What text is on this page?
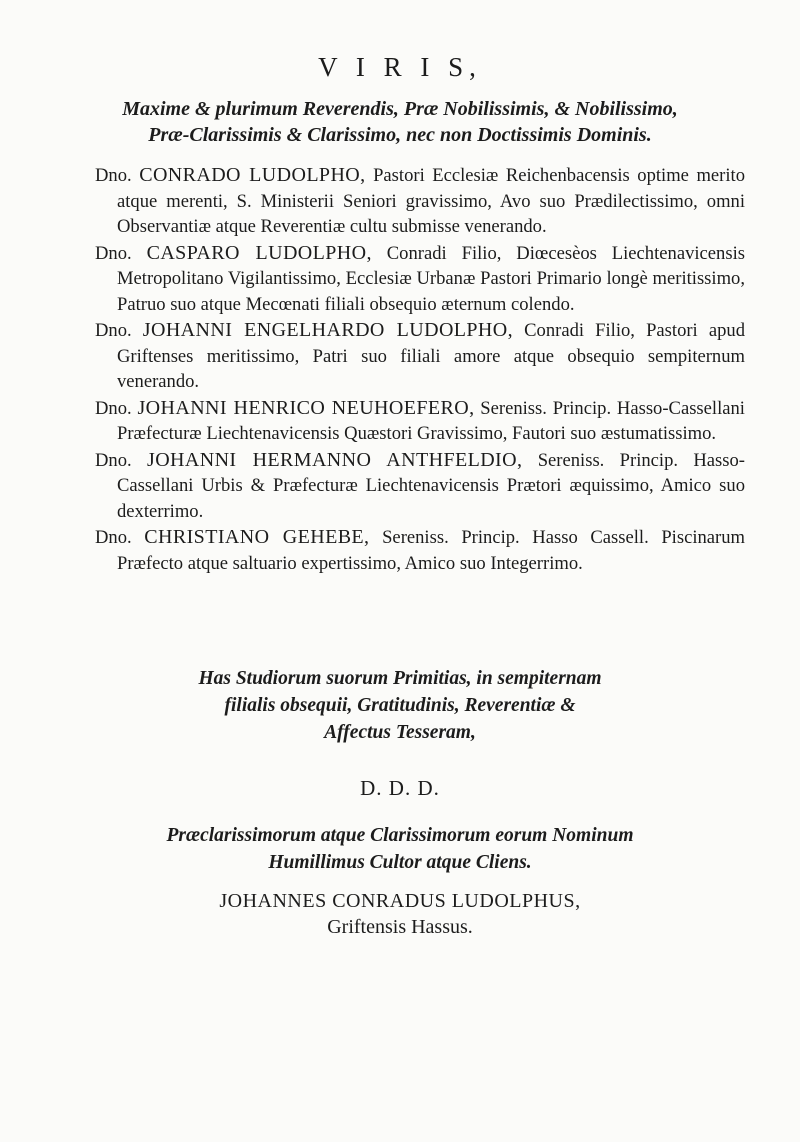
V I R I S,
Maxime & plurimum Reverendis, Præ Nobilissimis, & Nobilissimo,
Præ-Clarissimis & Clarissimo, nec non Doctissimis Dominis.

Dno. CONRADO LUDOLPHO, Pastori Ecclesiæ Reichenbacensis optime merito atque merenti, S. Ministerii Seniori gravissimo, Avo suo Prædilectissimo, omni Observantiæ atque Reverentiæ cultu submisse venerando.

Dno. CASPARO LUDOLPHO, Conradi Filio, Diœcesèos Liechtenavicensis Metropolitano Vigilantissimo, Ecclesiæ Urbanæ Pastori Primario longè meritissimo, Patruo suo atque Mecœnati filiali obsequio æternum colendo.

Dno. JOHANNI ENGELHARDO LUDOLPHO, Conradi Filio, Pastori apud Griftenses meritissimo, Patri suo filiali amore atque obsequio sempiternum venerando.

Dno. JOHANNI HENRICO NEUHOEFERO, Sereniss. Princip. Hasso-Cassellani Præfecturæ Liechtenavicensis Quæstori Gravissimo, Fautori suo æstumatissimo.

Dno. JOHANNI HERMANNO ANTHFELDIO, Sereniss. Princip. Hasso-Cassellani Urbis & Præfecturæ Liechtenavicensis Prætori æquissimo, Amico suo dexterrimo.

Dno. CHRISTIANO GEHEBE, Sereniss. Princip. Hasso Cassell. Piscinarum Præfecto atque saltuario expertissimo, Amico suo Integerrimo.

Has Studiorum suorum Primitias, in sempiternam
filialis obsequii, Gratitudinis, Reverentiæ &
Affectus Tesseram,
D. D. D.
Præclarissimorum atque Clarissimorum eorum Nominum
Humillimus Cultor atque Cliens.
JOHANNES CONRADUS LUDOLPHUS,
Griftensis Hassus.
